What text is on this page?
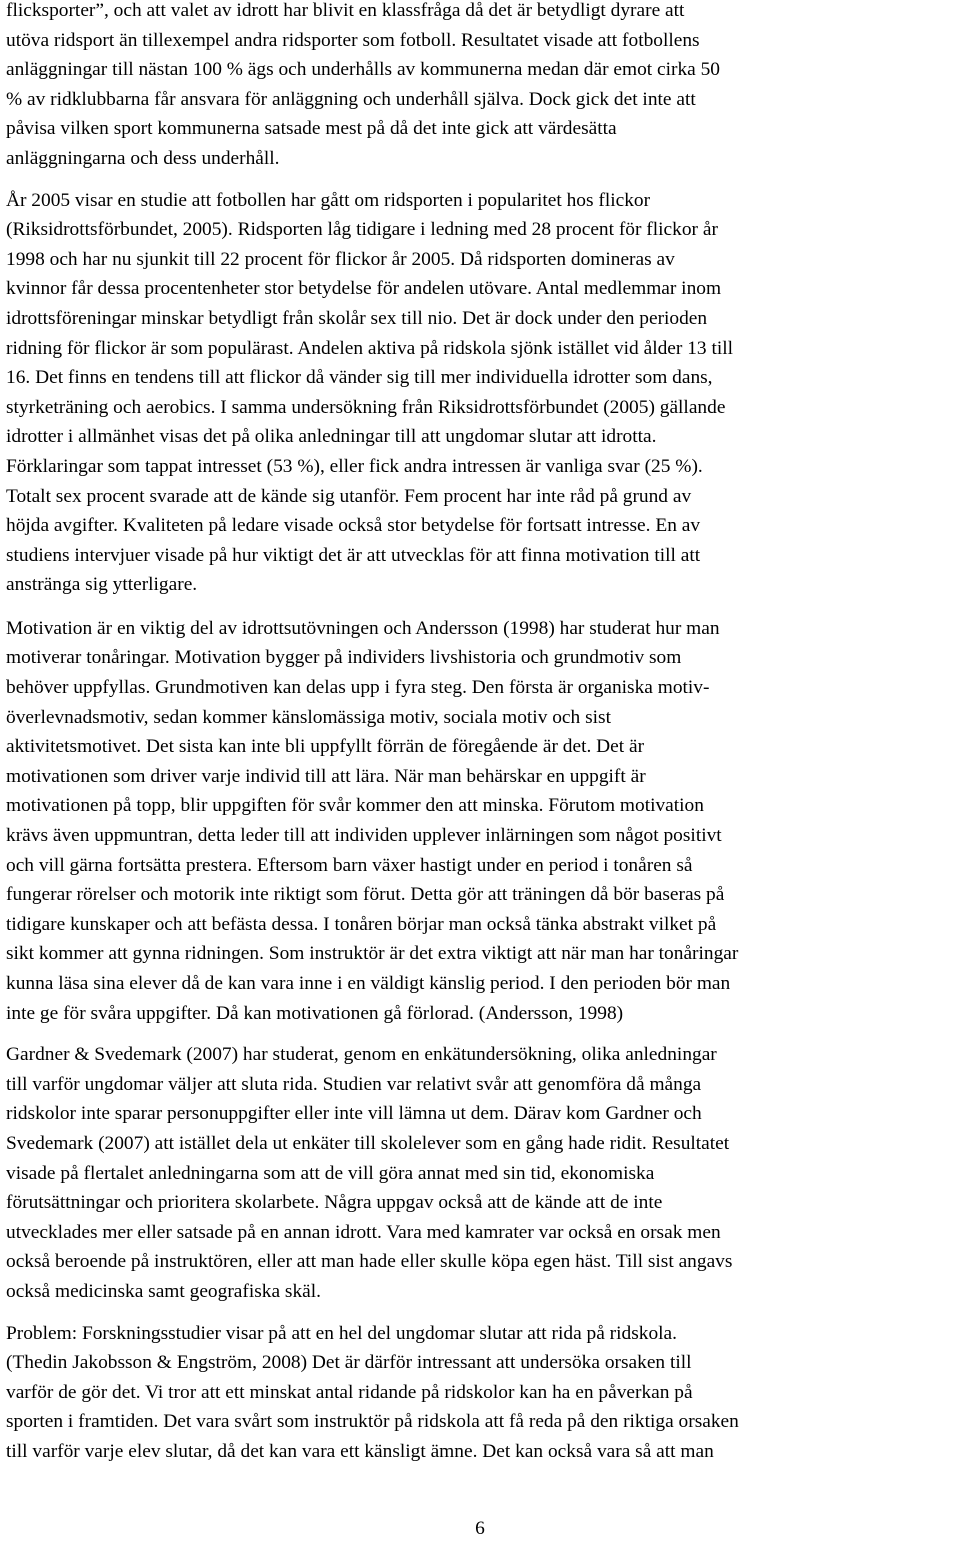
flicksporter”, och att valet av idrott har blivit en klassfråga då det är betydligt dyrare att
utöva ridsport än tillexempel andra ridsporter som fotboll. Resultatet visade att fotbollens
anläggningar till nästan 100 % ägs och underhålls av kommunerna medan där emot cirka 50
% av ridklubbarna får ansvara för anläggning och underhåll själva. Dock gick det inte att
påvisa vilken sport kommunerna satsade mest på då det inte gick att värdesätta
anläggningarna och dess underhåll.
År 2005 visar en studie att fotbollen har gått om ridsporten i popularitet hos flickor
(Riksidrottsförbundet, 2005). Ridsporten låg tidigare i ledning med 28 procent för flickor år
1998 och har nu sjunkit till 22 procent för flickor år 2005. Då ridsporten domineras av
kvinnor får dessa procentenheter stor betydelse för andelen utövare. Antal medlemmar inom
idrottsföreningar minskar betydligt från skolår sex till nio. Det är dock under den perioden
ridning för flickor är som populärast. Andelen aktiva på ridskola sjönk istället vid ålder 13 till
16. Det finns en tendens till att flickor då vänder sig till mer individuella idrotter som dans,
styrketräning och aerobics. I samma undersökning från Riksidrottsförbundet (2005) gällande
idrotter i allmänhet visas det på olika anledningar till att ungdomar slutar att idrotta.
Förklaringar som tappat intresset (53 %), eller fick andra intressen är vanliga svar (25 %).
Totalt sex procent svarade att de kände sig utanför. Fem procent har inte råd på grund av
höjda avgifter. Kvaliteten på ledare visade också stor betydelse för fortsatt intresse. En av
studiens intervjuer visade på hur viktigt det är att utvecklas för att finna motivation till att
anstränga sig ytterligare.
Motivation är en viktig del av idrottsutövningen och Andersson (1998) har studerat hur man
motiverar tonåringar. Motivation bygger på individers livshistoria och grundmotiv som
behöver uppfyllas. Grundmotiven kan delas upp i fyra steg. Den första är organiska motiv-
överlevnadsmotiv, sedan kommer känslomässiga motiv, sociala motiv och sist
aktivitetsmotivet. Det sista kan inte bli uppfyllt förrän de föregående är det. Det är
motivationen som driver varje individ till att lära. När man behärskar en uppgift är
motivationen på topp, blir uppgiften för svår kommer den att minska. Förutom motivation
krävs även uppmuntran, detta leder till att individen upplever inlärningen som något positivt
och vill gärna fortsätta prestera. Eftersom barn växer hastigt under en period i tonåren så
fungerar rörelser och motorik inte riktigt som förut. Detta gör att träningen då bör baseras på
tidigare kunskaper och att befästa dessa. I tonåren börjar man också tänka abstrakt vilket på
sikt kommer att gynna ridningen. Som instruktör är det extra viktigt att när man har tonåringar
kunna läsa sina elever då de kan vara inne i en väldigt känslig period. I den perioden bör man
inte ge för svåra uppgifter. Då kan motivationen gå förlorad. (Andersson, 1998)
Gardner & Svedemark (2007) har studerat, genom en enkätundersökning, olika anledningar
till varför ungdomar väljer att sluta rida. Studien var relativt svår att genomföra då många
ridskolor inte sparar personuppgifter eller inte vill lämna ut dem. Därav kom Gardner och
Svedemark (2007) att istället dela ut enkäter till skolelever som en gång hade ridit. Resultatet
visade på flertalet anledningarna som att de vill göra annat med sin tid, ekonomiska
förutsättningar och prioritera skolarbete. Några uppgav också att de kände att de inte
utvecklades mer eller satsade på en annan idrott. Vara med kamrater var också en orsak men
också beroende på instruktören, eller att man hade eller skulle köpa egen häst. Till sist angavs
också medicinska samt geografiska skäl.
Problem: Forskningsstudier visar på att en hel del ungdomar slutar att rida på ridskola.
(Thedin Jakobsson & Engström, 2008) Det är därför intressant att undersöka orsaken till
varför de gör det. Vi tror att ett minskat antal ridande på ridskolor kan ha en påverkan på
sporten i framtiden. Det vara svårt som instruktör på ridskola att få reda på den riktiga orsaken
till varför varje elev slutar, då det kan vara ett känsligt ämne. Det kan också vara så att man
6
